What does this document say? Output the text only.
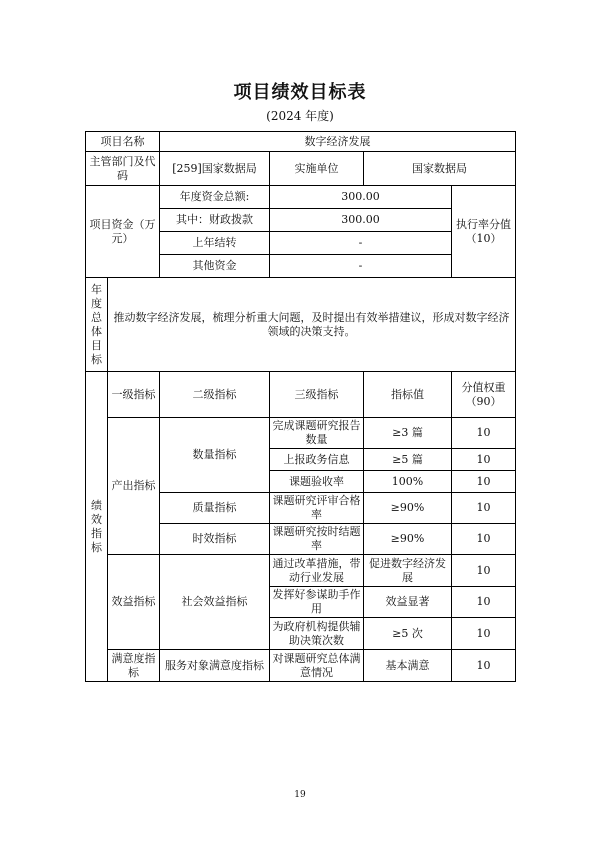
项目绩效目标表
(2024 年度)
项目名称		数字经济发展			
主管部门及代码		[259]国家数据局	实施单位	国家数据局	
项目资金（万元）		年度资金总额:	300.00		执行率分值（10）
		其中：财政拨款	300.00		
		上年结转	-		
		其他资金	-		
年度总体目标	推动数字经济发展，梳理分析重大问题，及时提出有效举措建议，形成对数字经济领域的决策支持。				
绩效指标	一级指标	二级指标	三级指标	指标值	分值权重（90）
	产出指标	数量指标	完成课题研究报告数量	≥3 篇	10
			上报政务信息	≥5 篇	10
			课题验收率	100%	10
		质量指标	课题研究评审合格率	≥90%	10
		时效指标	课题研究按时结题率	≥90%	10
	效益指标	社会效益指标	通过改革措施，带动行业发展	促进数字经济发展	10
			发挥好参谋助手作用	效益显著	10
			为政府机构提供辅助决策次数	≥5 次	10
	满意度指标	服务对象满意度指标	对课题研究总体满意情况	基本满意	10
19
